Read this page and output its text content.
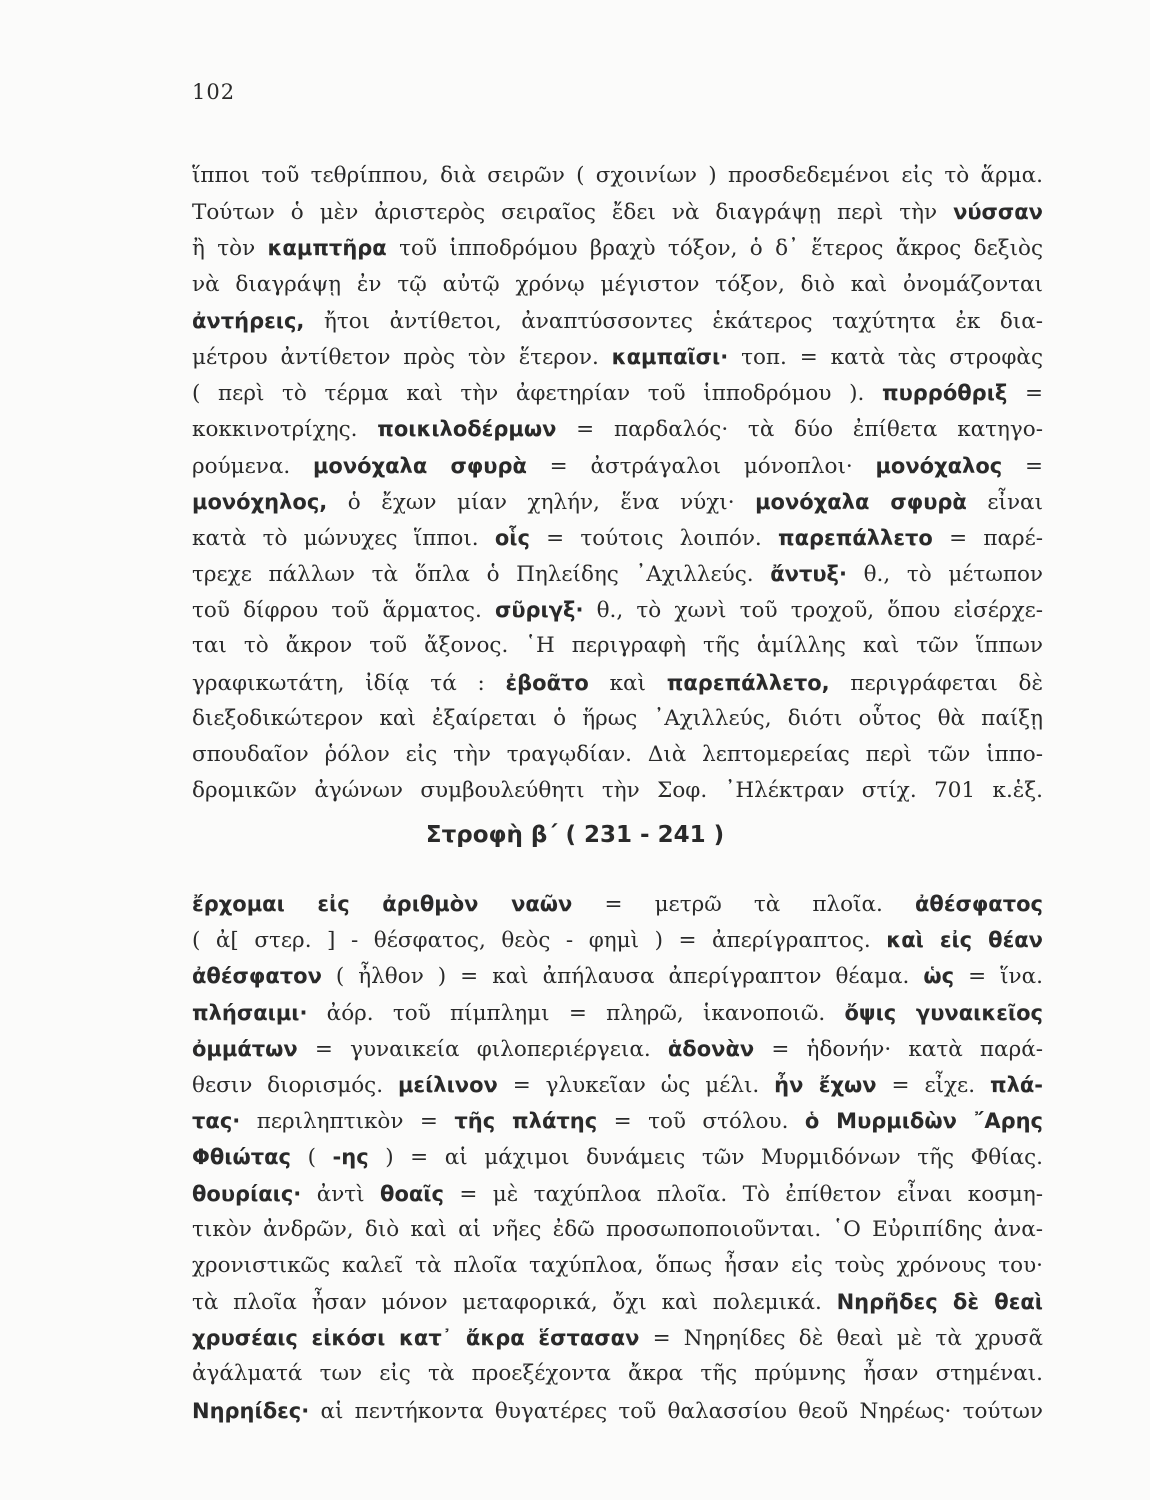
102
ἵπποι τοῦ τεθρίππου, διὰ σειρῶν ( σχοινίων ) προσδεδεμένοι εἰς τὸ ἅρμα.
Τούτων ὁ μὲν ἀριστερὸς σειραῖος ἔδει νὰ διαγράψῃ περὶ τὴν νύσσαν
ἢ τὸν καμπτῆρα τοῦ ἱπποδρόμου βραχὺ τόξον, ὁ δ᾽ ἕτερος ἄκρος δεξιὸς
νὰ διαγράψῃ ἐν τῷ αὐτῷ χρόνῳ μέγιστον τόξον, διὸ καὶ ὀνομάζονται
ἀντήρεις, ἤτοι ἀντίθετοι, ἀναπτύσσοντες ἑκάτερος ταχύτητα ἐκ δια-
μέτρου ἀντίθετον πρὸς τὸν ἕτερον. καμπαῖσι· τοπ. = κατὰ τὰς στροφὰς
( περὶ τὸ τέρμα καὶ τὴν ἀφετηρίαν τοῦ ἱπποδρόμου ). πυρρόθριξ =
κοκκινοτρίχης. ποικιλοδέρμων = παρδαλός· τὰ δύο ἐπίθετα κατηγο-
ρούμενα. μονόχαλα σφυρὰ = ἀστράγαλοι μόνοπλοι· μονόχαλος =
μονόχηλος, ὁ ἔχων μίαν χηλήν, ἕνα νύχι· μονόχαλα σφυρὰ εἶναι
κατὰ τὸ μώνυχες ἵπποι. οἷς = τούτοις λοιπόν. παρεπάλλετο = παρέ-
τρεχε πάλλων τὰ ὅπλα ὁ Πηλείδης ᾽Αχιλλεύς. ἄντυξ· θ., τὸ μέτωπον
τοῦ δίφρου τοῦ ἅρματος. σῦριγξ· θ., τὸ χωνὶ τοῦ τροχοῦ, ὅπου εἰσέρχε-
ται τὸ ἄκρον τοῦ ἄξονος. ῾Η περιγραφὴ τῆς ἁμίλλης καὶ τῶν ἵππων
γραφικωτάτη, ἰδίᾳ τά : ἐβοᾶτο καὶ παρεπάλλετο, περιγράφεται δὲ
διεξοδικώτερον καὶ ἐξαίρεται ὁ ἥρως ᾽Αχιλλεύς, διότι οὗτος θὰ παίξῃ
σπουδαῖον ῥόλον εἰς τὴν τραγῳδίαν. Διὰ λεπτομερείας περὶ τῶν ἱππο-
δρομικῶν ἀγώνων συμβουλεύθητι τὴν Σοφ. ᾽Ηλέκτραν στίχ. 701 κ.ἑξ.
Στροφὴ β΄ ( 231 - 241 )
ἔρχομαι εἰς ἀριθμὸν ναῶν = μετρῶ τὰ πλοῖα. ἀθέσφατος
( ἀ[ στερ. ] - θέσφατος, θεὸς - φημὶ ) = ἀπερίγραπτος. καὶ εἰς θέαν
ἀθέσφατον ( ἦλθον ) = καὶ ἀπήλαυσα ἀπερίγραπτον θέαμα. ὡς = ἵνα.
πλήσαιμι· ἀόρ. τοῦ πίμπλημι = πληρῶ, ἱκανοποιῶ. ὄψις γυναικεῖος
ὀμμάτων = γυναικεία φιλοπεριέργεια. ἁδονὰν = ἡδονήν· κατὰ παρά-
θεσιν διορισμός. μείλινον = γλυκεῖαν ὡς μέλι. ἦν ἔχων = εἶχε. πλά-
τας· περιληπτικὸν = τῆς πλάτης = τοῦ στόλου. ὁ Μυρμιδὼν ῎Αρης
Φθιώτας ( -ης ) = αἱ μάχιμοι δυνάμεις τῶν Μυρμιδόνων τῆς Φθίας.
θουρίαις· ἀντὶ θοαῖς = μὲ ταχύπλοα πλοῖα. Τὸ ἐπίθετον εἶναι κοσμη-
τικὸν ἀνδρῶν, διὸ καὶ αἱ νῆες ἐδῶ προσωποποιοῦνται. ῾Ο Εὐριπίδης ἀνα-
χρονιστικῶς καλεῖ τὰ πλοῖα ταχύπλοα, ὅπως ἦσαν εἰς τοὺς χρόνους του·
τὰ πλοῖα ἦσαν μόνον μεταφορικά, ὄχι καὶ πολεμικά. Νηρῆδες δὲ θεαὶ
χρυσέαις εἰκόσι κατ᾽ ἄκρα ἕστασαν = Νηρηίδες δὲ θεαὶ μὲ τὰ χρυσᾶ
ἀγάλματά των εἰς τὰ προεξέχοντα ἄκρα τῆς πρύμνης ἦσαν στημέναι.
Νηρηίδες· αἱ πεντήκοντα θυγατέρες τοῦ θαλασσίου θεοῦ Νηρέως· τούτων
